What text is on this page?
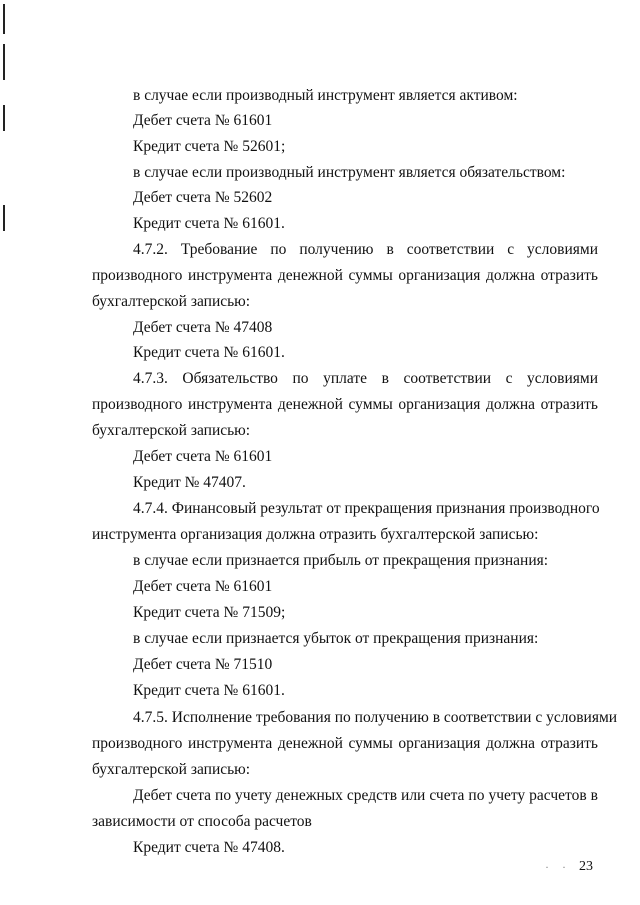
в случае если производный инструмент является активом:
Дебет счета № 61601
Кредит счета № 52601;
в случае если производный инструмент является обязательством:
Дебет счета № 52602
Кредит счета № 61601.
4.7.2. Требование по получению в соответствии с условиями
производного инструмента денежной суммы организация должна отразить
бухгалтерской записью:
Дебет счета № 47408
Кредит счета № 61601.
4.7.3. Обязательство по уплате в соответствии с условиями
производного инструмента денежной суммы организация должна отразить
бухгалтерской записью:
Дебет счета № 61601
Кредит № 47407.
4.7.4. Финансовый результат от прекращения признания производного
инструмента организация должна отразить бухгалтерской записью:
в случае если признается прибыль от прекращения признания:
Дебет счета № 61601
Кредит счета № 71509;
в случае если признается убыток от прекращения признания:
Дебет счета № 71510
Кредит счета № 61601.
4.7.5. Исполнение требования по получению в соответствии с условиями
производного инструмента денежной суммы организация должна отразить
бухгалтерской записью:
Дебет счета по учету денежных средств или счета по учету расчетов в
зависимости от способа расчетов
Кредит счета № 47408.
· · 23
